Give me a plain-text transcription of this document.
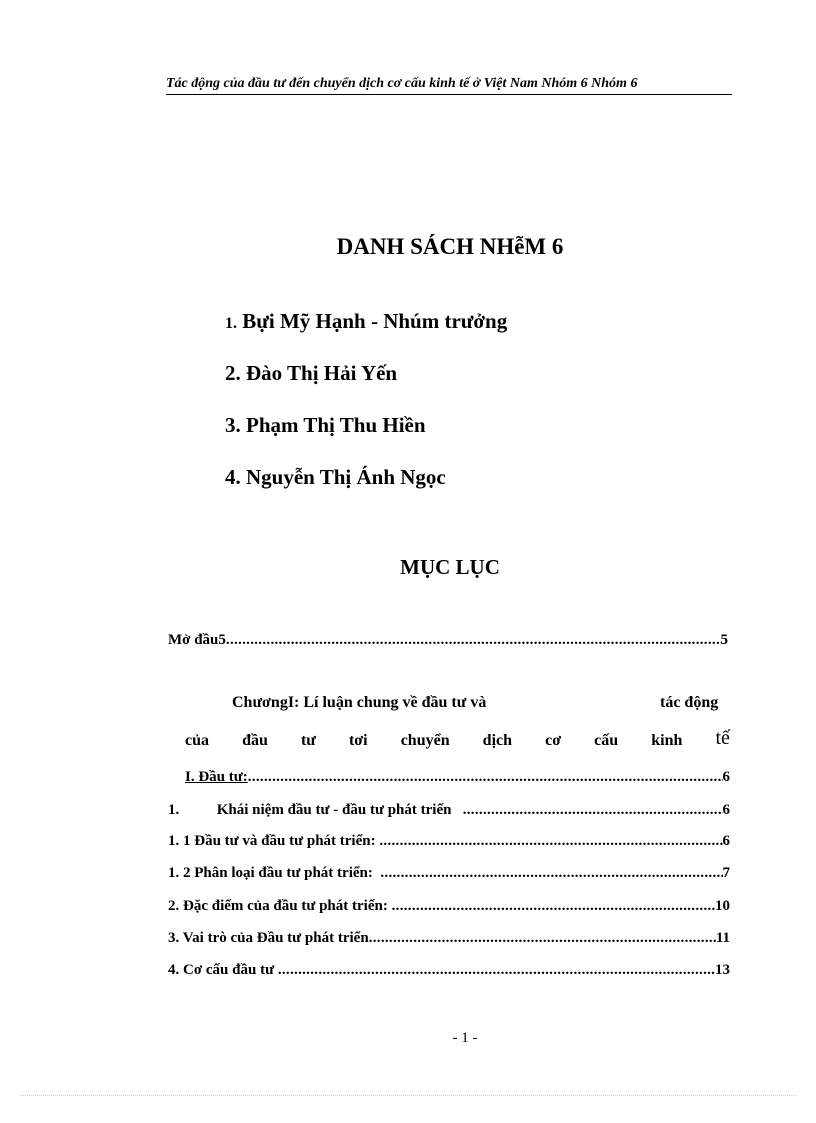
Tác động của đầu tư đến chuyển dịch cơ cấu kinh tế ở Việt Nam Nhóm 6 Nhóm 6
DANH SÁCH NHễM 6
1. Bựi Mỹ Hạnh - Nhúm trưởng
2. Đào Thị Hải Yến
3. Phạm Thị Thu Hiền
4. Nguyễn Thị Ánh Ngọc
MỤC LỤC
Mở đầu5 .....	5
ChươngI: Lí luận chung về đầu tư và	tác động
của đầu tư tơi chuyển dịch cơ cấu kinh tế
I. Đầu tư: .....	6
1.          Khái niệm đầu tư - đầu tư phát triển .....	6
1. 1 Đầu tư và đầu tư phát triển: .....	6
1. 2 Phân loại đầu tư phát triển: .....	7
2. Đặc điểm của đầu tư phát triển: .....	10
3. Vai trò của Đầu tư phát triển .....	11
4. Cơ cấu đầu tư .....	13
- 1 -
